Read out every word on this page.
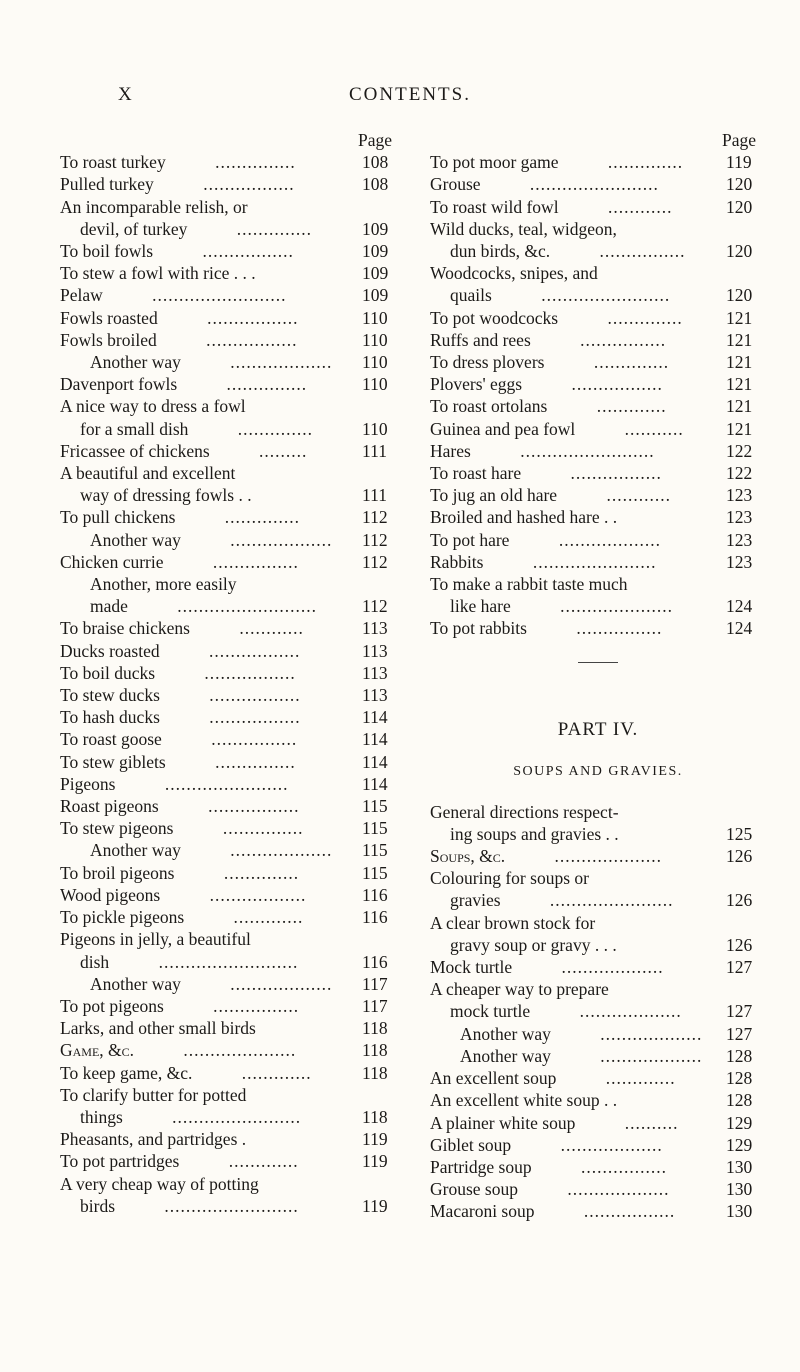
X	CONTENTS.
Page
To roast turkey	...............	108
Pulled turkey	.................	108
An incomparable relish, or
devil, of turkey	..............	109
To boil fowls	.................	109
To stew a fowl with rice . . .	109
Pelaw	.........................	109
Fowls roasted	.................	110
Fowls broiled	.................	110
Another way	................... 110
Davenport fowls	...............	110
A nice way to dress a fowl
for a small dish	..............	110
Fricassee of chickens	.........	111
A beautiful and excellent
way of dressing fowls . .	111
To pull chickens	..............	112
Another way	................... 112
Chicken currie	................	112
Another, more easily
made	..........................	112
To braise chickens	............	113
Ducks roasted	.................	113
To boil ducks	.................	113
To stew ducks	.................	113
To hash ducks	.................	114
To roast goose	................	114
To stew giblets	...............	114
Pigeons	.......................	114
Roast pigeons	.................	115
To stew pigeons	...............	115
Another way	................... 115
To broil pigeons	..............	115
Wood pigeons	..................	116
To pickle pigeons	.............	116
Pigeons in jelly, a beautiful
dish	..........................	116
Another way	................... 117
To pot pigeons	................	117
Larks, and other small birds	118
Game, &c.	.....................	118
To keep game, &c.	.............	118
To clarify butter for potted
things	........................	118
Pheasants, and partridges .	119
To pot partridges	.............	119
A very cheap way of potting
birds	.........................	119
Page
To pot moor game	.............. 119
Grouse	........................	120
To roast wild fowl	............	120
Wild ducks, teal, widgeon,
dun birds, &c.	................ 120
Woodcocks, snipes, and
quails	........................	120
To pot woodcocks	.............. 121
Ruffs and rees	................	121
To dress plovers	..............	121
Plovers' eggs	.................	121
To roast ortolans	.............	121
Guinea and pea fowl	........... 121
Hares	.........................	122
To roast hare	.................	122
To jug an old hare	............	123
Broiled and hashed hare . .	123
To pot hare	...................	123
Rabbits	.......................	123
To make a rabbit taste much
like hare	.....................	124
To pot rabbits	................	124
PART IV.
SOUPS AND GRAVIES.
General directions respect-
ing soups and gravies . .	125
Soups, &c.	....................	126
Colouring for soups or
gravies	.......................	126
A clear brown stock for
gravy soup or gravy . . .	126
Mock turtle	...................	127
A cheaper way to prepare
mock turtle	...................	127
Another way	................... 127
Another way	................... 128
An excellent soup	.............	128
An excellent white soup . .	128
A plainer white soup	..........	129
Giblet soup	...................	129
Partridge soup	................	130
Grouse soup	...................	130
Macaroni soup	.................	130
